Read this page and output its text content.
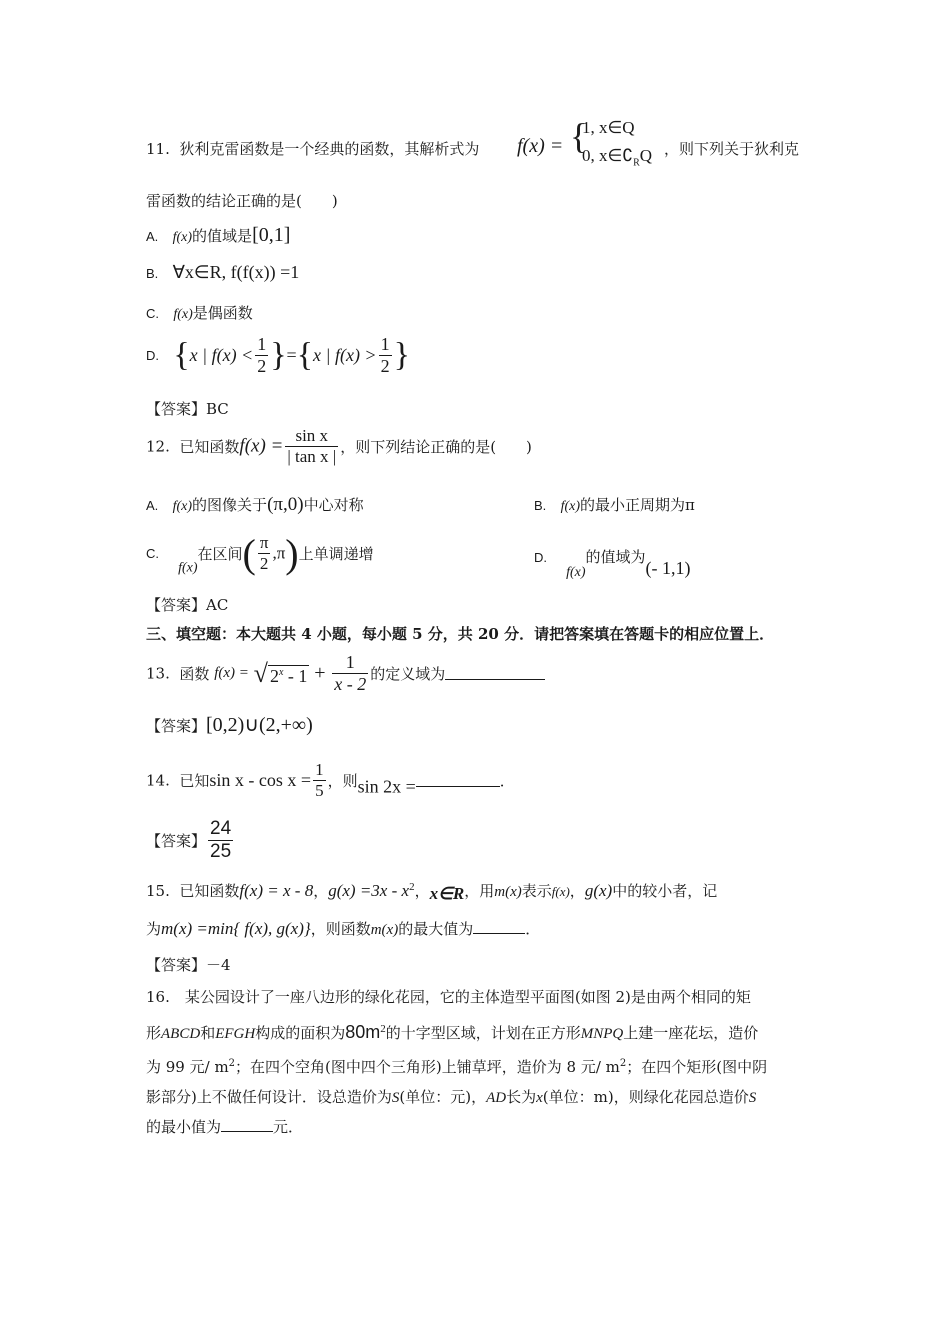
11. 狄利克雷函数是一个经典的函数，其解析式为 f(x) = {
1, x∈Q
0, $x\in∁_RQ$ ，则下列关于狄利克
雷函数的结论正确的是(　　)
A. f(x)的值域是[0,1]
B. ∀x∈R, f(f(x)) =1
C. f(x)是偶函数
D. {x | $f(x) < \frac{1}{2} \}=\{x$ | $f(x) > \frac{1}{2}$ }
【答案】BC
12. 已知函数$f(x) = \frac{\text{sin x}}{\text{| tan x |}}$ ，则下列结论正确的是(　　)
A. f(x)的图像关于(π,0)中心对称	B. f(x)的最小正周期为π
C.    f(x)在区间( $\frac{\pi}{2} ,\pi$)上单调递增	D.    f(x)的值域为(- 1,1)
【答案】AC
三、填空题：本大题共 4 小题，每小题 5 分，共 20 分．请把答案填在答题卡的相应位置上．
13. 函数 f(x) = √ $2^x - 1 + \frac{1}{x - 2}$ 的定义域为
【答案】[0,2)∪(2,+∞)
14. 已知$\sin x - \cos x = \frac{1}{5}$ ，则sin 2x =	．
【答案】 $\frac{24}{25}$
15. 已知函数f(x) = x - 8，$g(x) =3x - x^2$，x∈R，用m(x)表示f(x)，g(x)中的较小者，记
为m(x) =min{ f(x), g(x)}，则函数m(x)的最大值为	．
【答案】－4
16.　某公园设计了一座八边形的绿化花园，它的主体造型平面图(如图 2)是由两个相同的矩
形ABCD和EFGH构成的面积为$80m^2$的十字型区域，计划在正方形MNPQ上建一座花坛，造价
为 99 元/ $m^2$；在四个空角(图中四个三角形)上铺草坪，造价为 8 元/ $m^2$；在四个矩形(图中阴
影部分)上不做任何设计．设总造价为S(单位：元)，AD长为x(单位：m)，则绿化花园总造价S
的最小值为	元．
